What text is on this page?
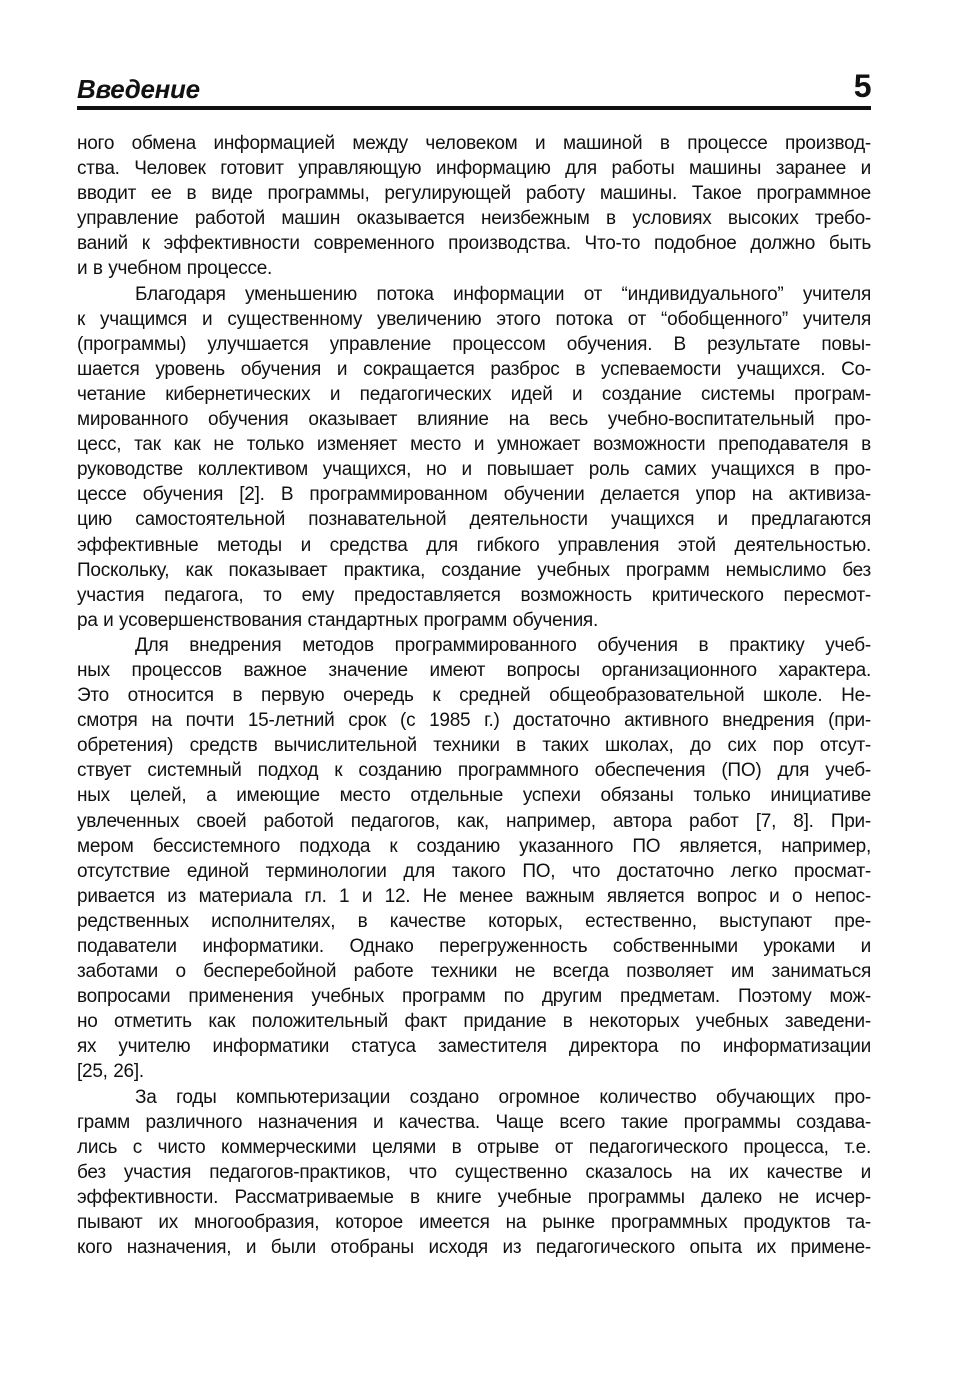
Введение	5
ного обмена информацией между человеком и машиной в процессе производ-
ства. Человек готовит управляющую информацию для работы машины заранее и
вводит ее в виде программы, регулирующей работу машины. Такое программное
управление работой машин оказывается неизбежным в условиях высоких требо-
ваний к эффективности современного производства. Что-то подобное должно быть
и в учебном процессе.
Благодаря уменьшению потока информации от “индивидуального” учителя
к учащимся и существенному увеличению этого потока от “обобщенного” учителя
(программы) улучшается управление процессом обучения. В результате повы-
шается уровень обучения и сокращается разброс в успеваемости учащихся. Со-
четание кибернетических и педагогических идей и создание системы програм-
мированного обучения оказывает влияние на весь учебно-воспитательный про-
цесс, так как не только изменяет место и умножает возможности преподавателя в
руководстве коллективом учащихся, но и повышает роль самих учащихся в про-
цессе обучения [2]. В программированном обучении делается упор на активиза-
цию самостоятельной познавательной деятельности учащихся и предлагаются
эффективные методы и средства для гибкого управления этой деятельностью.
Поскольку, как показывает практика, создание учебных программ немыслимо без
участия педагога, то ему предоставляется возможность критического пересмот-
ра и усовершенствования стандартных программ обучения.
Для внедрения методов программированного обучения в практику учеб-
ных процессов важное значение имеют вопросы организационного характера.
Это относится в первую очередь к средней общеобразовательной школе. Не-
смотря на почти 15-летний срок (с 1985 г.) достаточно активного внедрения (при-
обретения) средств вычислительной техники в таких школах, до сих пор отсут-
ствует системный подход к созданию программного обеспечения (ПО) для учеб-
ных целей, а имеющие место отдельные успехи обязаны только инициативе
увлеченных своей работой педагогов, как, например, автора работ [7, 8]. При-
мером бессистемного подхода к созданию указанного ПО является, например,
отсутствие единой терминологии для такого ПО, что достаточно легко просмат-
ривается из материала гл. 1 и 12. Не менее важным является вопрос и о непос-
редственных исполнителях, в качестве которых, естественно, выступают пре-
подаватели информатики. Однако перегруженность собственными уроками и
заботами о бесперебойной работе техники не всегда позволяет им заниматься
вопросами применения учебных программ по другим предметам. Поэтому мож-
но отметить как положительный факт придание в некоторых учебных заведени-
ях учителю информатики статуса заместителя директора по информатизации
[25, 26].
За годы компьютеризации создано огромное количество обучающих про-
грамм различного назначения и качества. Чаще всего такие программы создава-
лись с чисто коммерческими целями в отрыве от педагогического процесса, т.е.
без участия педагогов-практиков, что существенно сказалось на их качестве и
эффективности. Рассматриваемые в книге учебные программы далеко не исчер-
пывают их многообразия, которое имеется на рынке программных продуктов та-
кого назначения, и были отобраны исходя из педагогического опыта их примене-
